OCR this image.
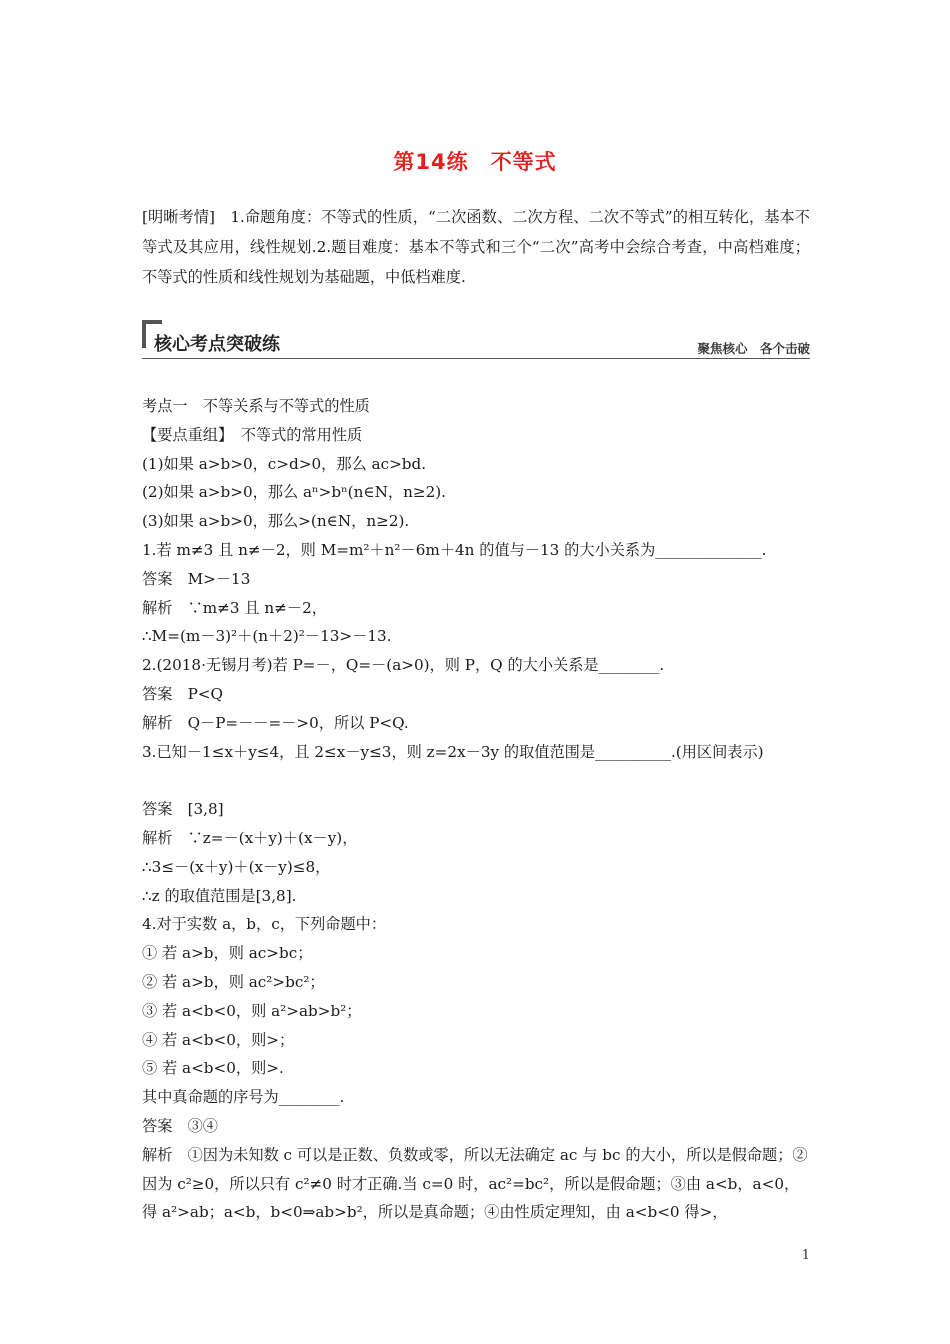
第14练　不等式
[明晰考情]　1.命题角度：不等式的性质，“二次函数、二次方程、二次不等式”的相互转化，基本不等式及其应用，线性规划.2.题目难度：基本不等式和三个“二次”高考中会综合考查，中高档难度；不等式的性质和线性规划为基础题，中低档难度.
核心考点突破练	聚焦核心　各个击破
考点一　不等关系与不等式的性质
【要点重组】　不等式的常用性质
(1)如果 a>b>0，c>d>0，那么 ac>bd.
(2)如果 a>b>0，那么 aⁿ>bⁿ(n∈N，n≥2).
(3)如果 a>b>0，那么>(n∈N，n≥2).
1.若 m≠3 且 n≠－2，则 M=m²＋n²－6m＋4n 的值与－13 的大小关系为______________.
答案　M>－13
解析　∵m≠3 且 n≠－2，
∴M=(m－3)²＋(n＋2)²－13>－13.
2.(2018·无锡月考)若 P=－，Q=－(a>0)，则 P，Q 的大小关系是________.
答案　P<Q
解析　Q－P=－－=－>0，所以 P<Q.
3.已知－1≤x＋y≤4，且 2≤x－y≤3，则 z=2x－3y 的取值范围是__________.(用区间表示)
答案　[3,8]
解析　∵z=－(x＋y)＋(x－y)，
∴3≤－(x＋y)＋(x－y)≤8，
∴z 的取值范围是[3,8].
4.对于实数 a，b，c，下列命题中：
① 若 a>b，则 ac>bc；
② 若 a>b，则 ac²>bc²；
③ 若 a<b<0，则 a²>ab>b²；
④ 若 a<b<0，则>；
⑤ 若 a<b<0，则>.
其中真命题的序号为________.
答案　③④
解析　①因为未知数 c 可以是正数、负数或零，所以无法确定 ac 与 bc 的大小，所以是假命题；②因为 c²≥0，所以只有 c²≠0 时才正确.当 c=0 时，ac²=bc²，所以是假命题；③由 a<b，a<0，得 a²>ab；a<b，b<0⇒ab>b²，所以是真命题；④由性质定理知，由 a<b<0 得>，
1
